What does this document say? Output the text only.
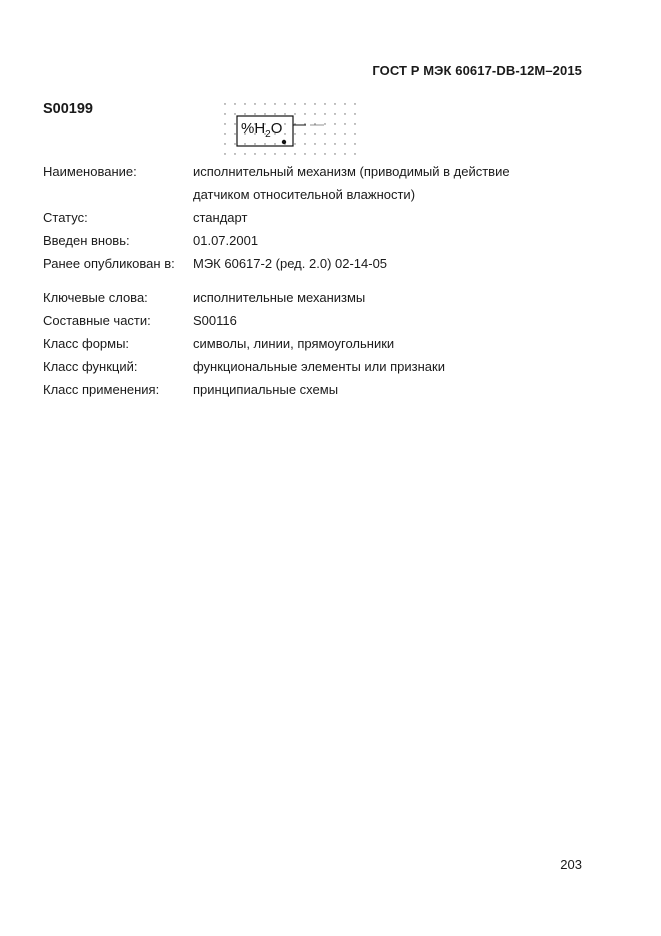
ГОСТ Р МЭК 60617-DB-12М–2015
S00199
$\%H_2O$
Наименование:	исполнительный механизм (приводимый в действие
датчиком относительной влажности)
Статус:	стандарт
Введен вновь:	01.07.2001
Ранее опубликован в: МЭК 60617-2 (ред. 2.0) 02-14-05
Ключевые слова:	исполнительные механизмы
Составные части:	S00116
Класс формы:	символы, линии, прямоугольники
Класс функций:	функциональные элементы или признаки
Класс применения:	принципиальные схемы
203
